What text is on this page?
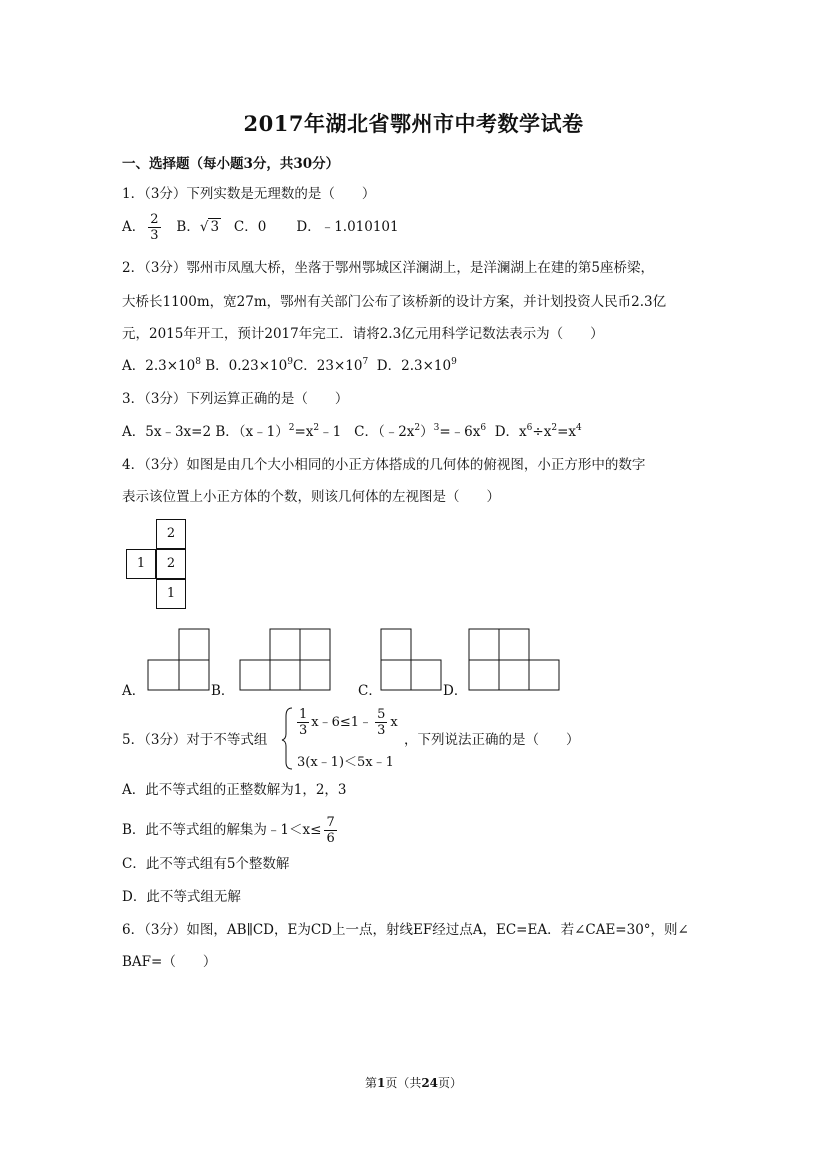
2017年湖北省鄂州市中考数学试卷
一、选择题（每小题3分，共30分）
1．（3分）下列实数是无理数的是（　　）
A． $\frac{2}{3}$ B．√ 3 C．0 D．﹣1.010101
2．（3分）鄂州市凤凰大桥，坐落于鄂州鄂城区洋澜湖上，是洋澜湖上在建的第5座桥梁，
大桥长1100m，宽27m，鄂州有关部门公布了该桥新的设计方案，并计划投资人民币2.3亿
元，2015年开工，预计2017年完工．请将2.3亿元用科学记数法表示为（　　）
A．$2.3\times 10^8$ B．$0.23\times 10^9C$．$23\times 10^7$ D．$2.3\times 10^9$
3．（3分）下列运算正确的是（　　）
A．5x﹣3x=2 B．$(x﹣1)^2=x^2﹣1$ C．$(﹣2x^2)^3=﹣6x^6$ D．$x^6\div x^2=x^4$
4．（3分）如图是由几个大小相同的小正方体搭成的几何体的俯视图，小正方形中的数字
表示该位置上小正方体的个数，则该几何体的左视图是（　　）
2
1	2
1
A．	B．	C．	D．
5．（3分）对于不等式组
$\frac{1}{3}$ x﹣6≤1﹣ $\frac{5}{3}$ x
3(x﹣1)＜5x﹣1
，下列说法正确的是（　　）
A．此不等式组的正整数解为1，2，3
B．此不等式组的解集为﹣1＜x≤ $\frac{7}{6}$
C．此不等式组有5个整数解
D．此不等式组无解
6．（3分）如图，AB∥CD，E为CD上一点，射线EF经过点A，EC=EA．若∠CAE=30°，则∠
BAF=（　　）
第1页（共24页）
